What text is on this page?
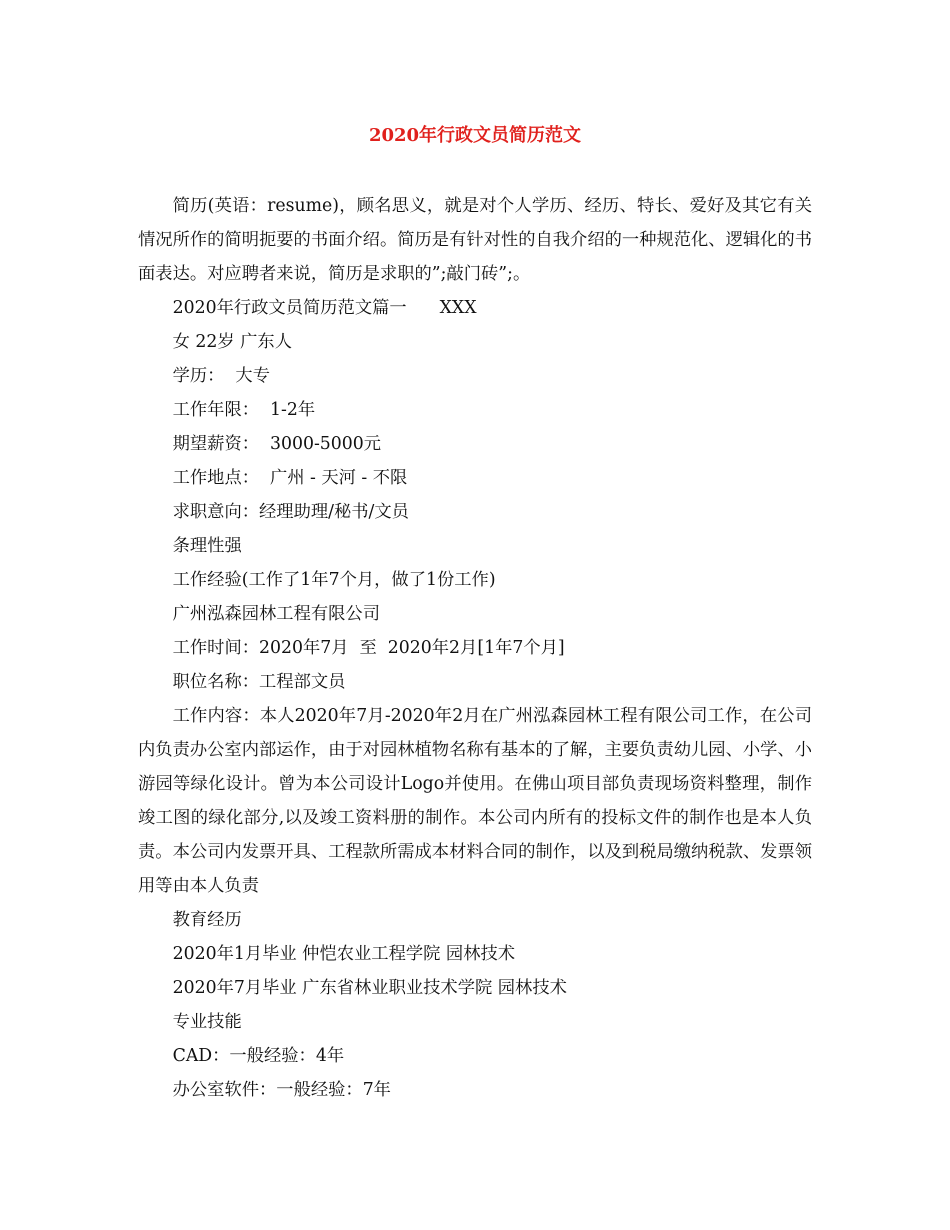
2020年行政文员简历范文

简历(英语：resume)，顾名思义，就是对个人学历、经历、特长、爱好及其它有关情况所作的简明扼要的书面介绍。简历是有针对性的自我介绍的一种规范化、逻辑化的书面表达。对应聘者来说，简历是求职的”;敲门砖”;。

2020年行政文员简历范文篇一      XXX

女 22岁 广东人

学历：  大专

工作年限：  1-2年

期望薪资：  3000-5000元

工作地点：  广州 - 天河 - 不限

求职意向：经理助理/秘书/文员

条理性强

工作经验(工作了1年7个月，做了1份工作)

广州泓森园林工程有限公司

工作时间：2020年7月  至  2020年2月[1年7个月]

职位名称：工程部文员

工作内容：本人2020年7月-2020年2月在广州泓森园林工程有限公司工作，在公司内负责办公室内部运作，由于对园林植物名称有基本的了解，主要负责幼儿园、小学、小游园等绿化设计。曾为本公司设计Logo并使用。在佛山项目部负责现场资料整理，制作竣工图的绿化部分,以及竣工资料册的制作。本公司内所有的投标文件的制作也是本人负责。本公司内发票开具、工程款所需成本材料合同的制作，以及到税局缴纳税款、发票领用等由本人负责

教育经历

2020年1月毕业 仲恺农业工程学院 园林技术

2020年7月毕业 广东省林业职业技术学院 园林技术

专业技能

CAD：一般经验：4年

办公室软件：一般经验：7年
